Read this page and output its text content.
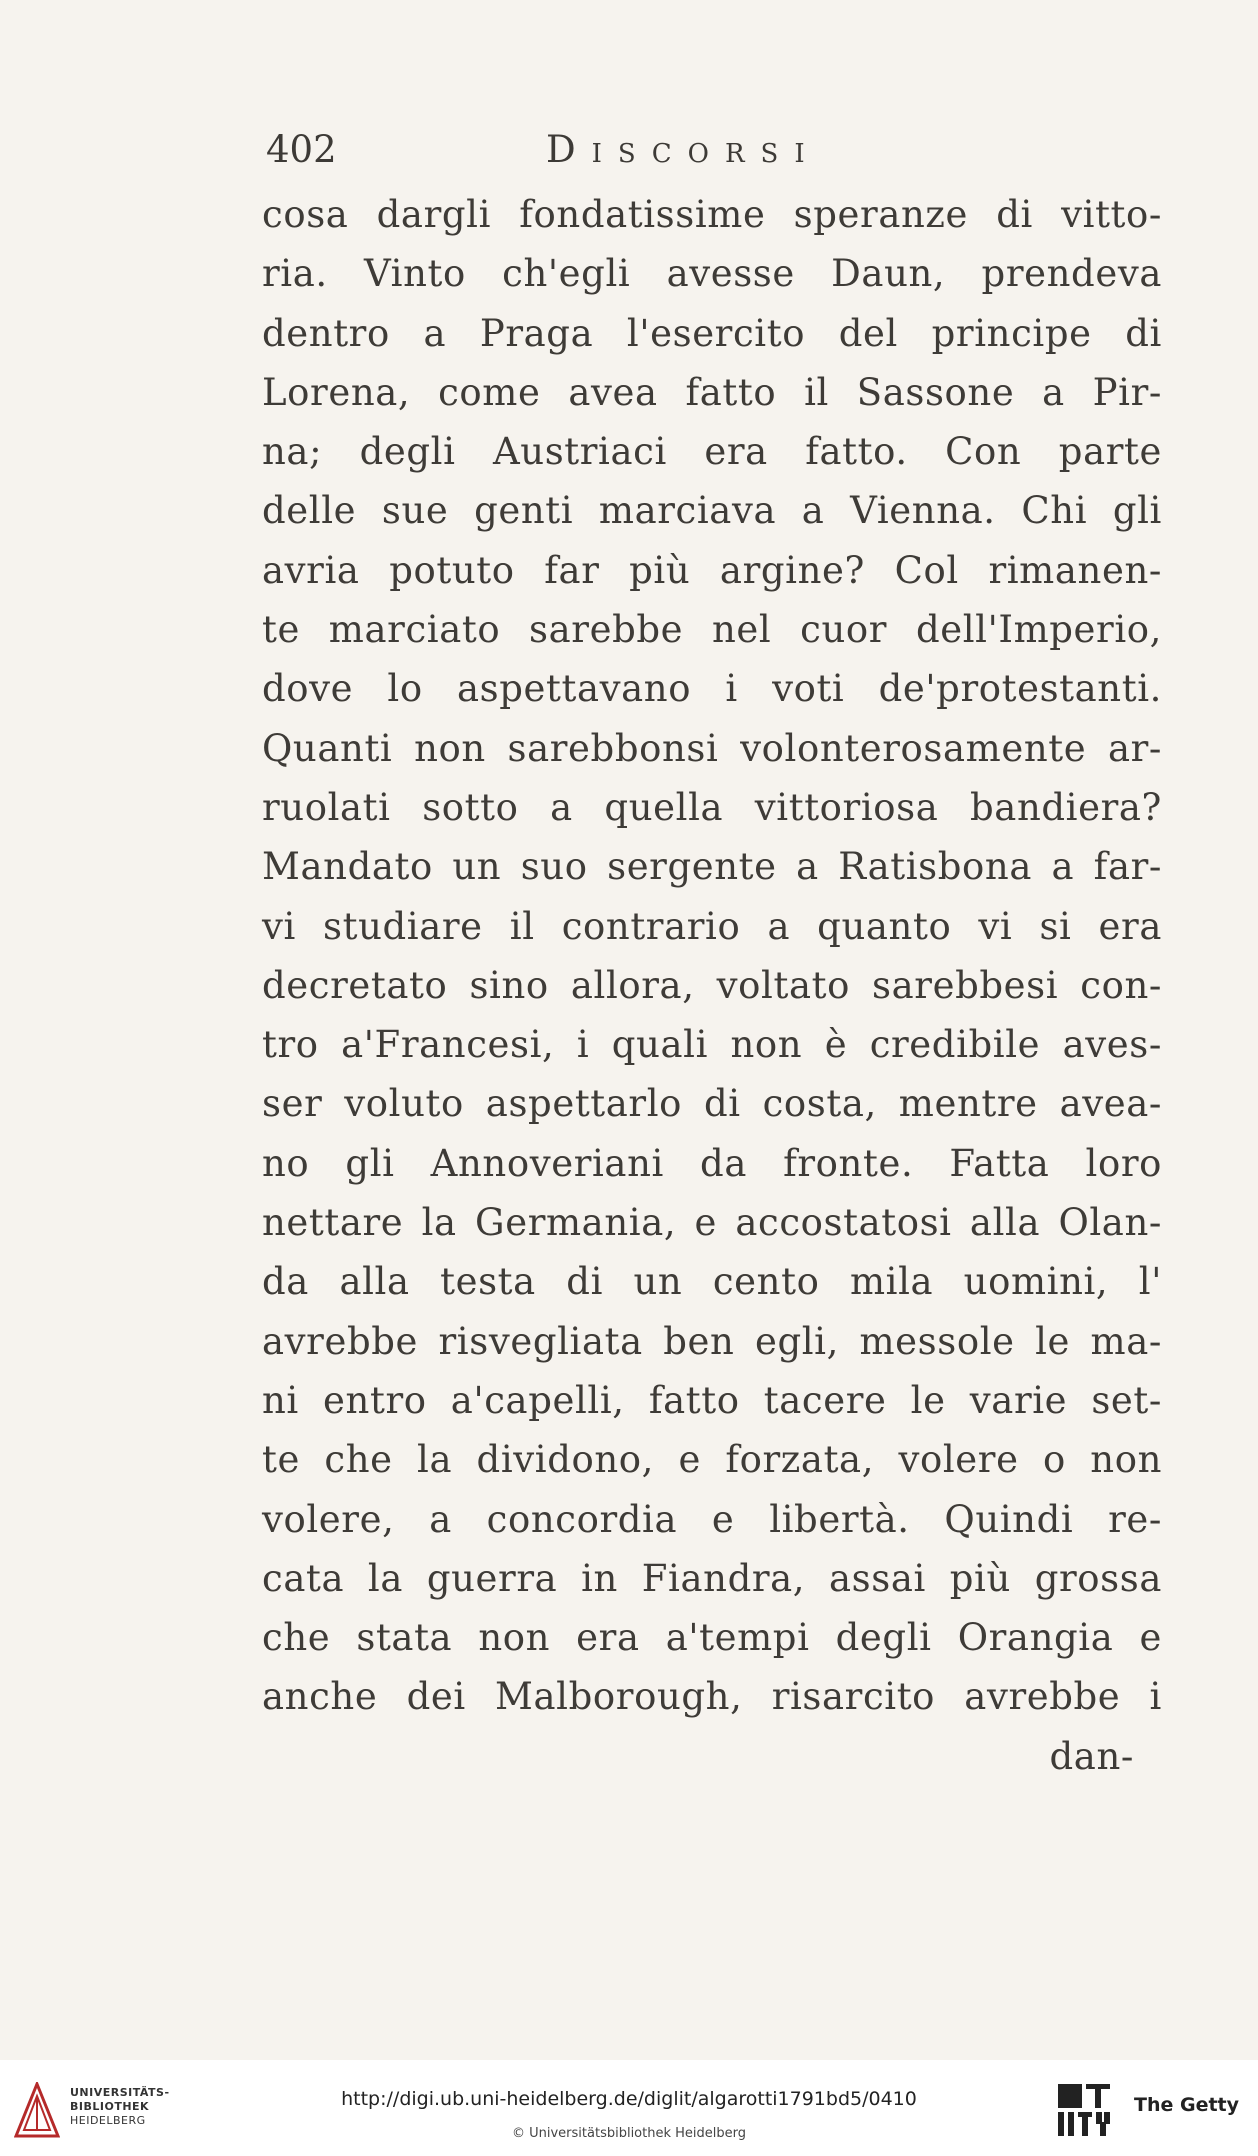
402	Discorsi
cosa dargli fondatissime speranze di vitto-
ria. Vinto ch'egli avesse Daun, prendeva
dentro a Praga l'esercito del principe di
Lorena, come avea fatto il Sassone a Pir-
na; degli Austriaci era fatto. Con parte
delle sue genti marciava a Vienna. Chi gli
avria potuto far più argine? Col rimanen-
te marciato sarebbe nel cuor dell'Imperio,
dove lo aspettavano i voti de'protestanti.
Quanti non sarebbonsi volonterosamente ar-
ruolati sotto a quella vittoriosa bandiera?
Mandato un suo sergente a Ratisbona a far-
vi studiare il contrario a quanto vi si era
decretato sino allora, voltato sarebbesi con-
tro a'Francesi, i quali non è credibile aves-
ser voluto aspettarlo di costa, mentre avea-
no gli Annoveriani da fronte. Fatta loro
nettare la Germania, e accostatosi alla Olan-
da alla testa di un cento mila uomini, l'
avrebbe risvegliata ben egli, messole le ma-
ni entro a'capelli, fatto tacere le varie set-
te che la dividono, e forzata, volere o non
volere, a concordia e libertà. Quindi re-
cata la guerra in Fiandra, assai più grossa
che stata non era a'tempi degli Orangia e
anche dei Malborough, risarcito avrebbe i
dan-
UNIVERSITÄTS-
BIBLIOTHEK
HEIDELBERG
http://digi.ub.uni-heidelberg.de/diglit/algarotti1791bd5/0410
© Universitätsbibliothek Heidelberg
The Getty
